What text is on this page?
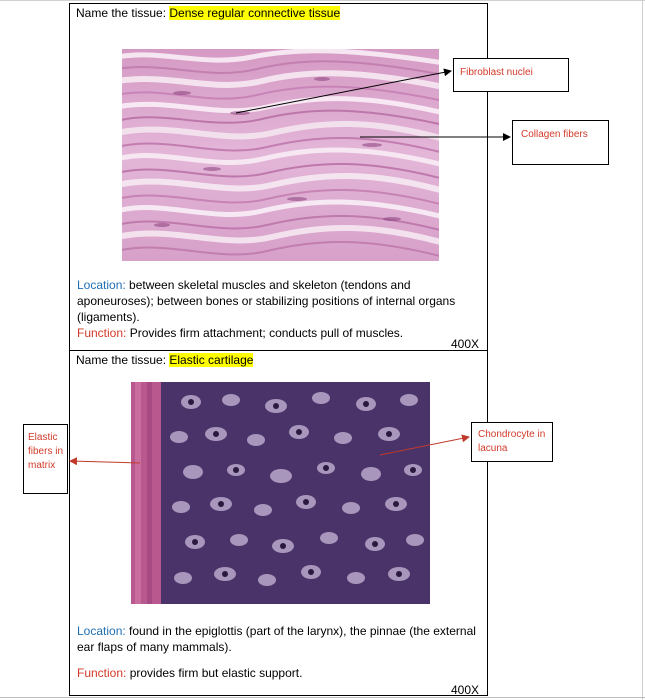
Name the tissue: Dense regular connective tissue

Location: between skeletal muscles and skeleton (tendons and aponeuroses); between bones or stabilizing positions of internal organs (ligaments).

Function: Provides firm attachment; conducts pull of muscles.

400X
Name the tissue: Elastic cartilage

Location: found in the epiglottis (part of the larynx), the pinnae (the external ear flaps of many mammals).

Function: provides firm but elastic support.

400X
Fibroblast nuclei
Collagen fibers
Elastic fibers in matrix
Chondrocyte in lacuna
